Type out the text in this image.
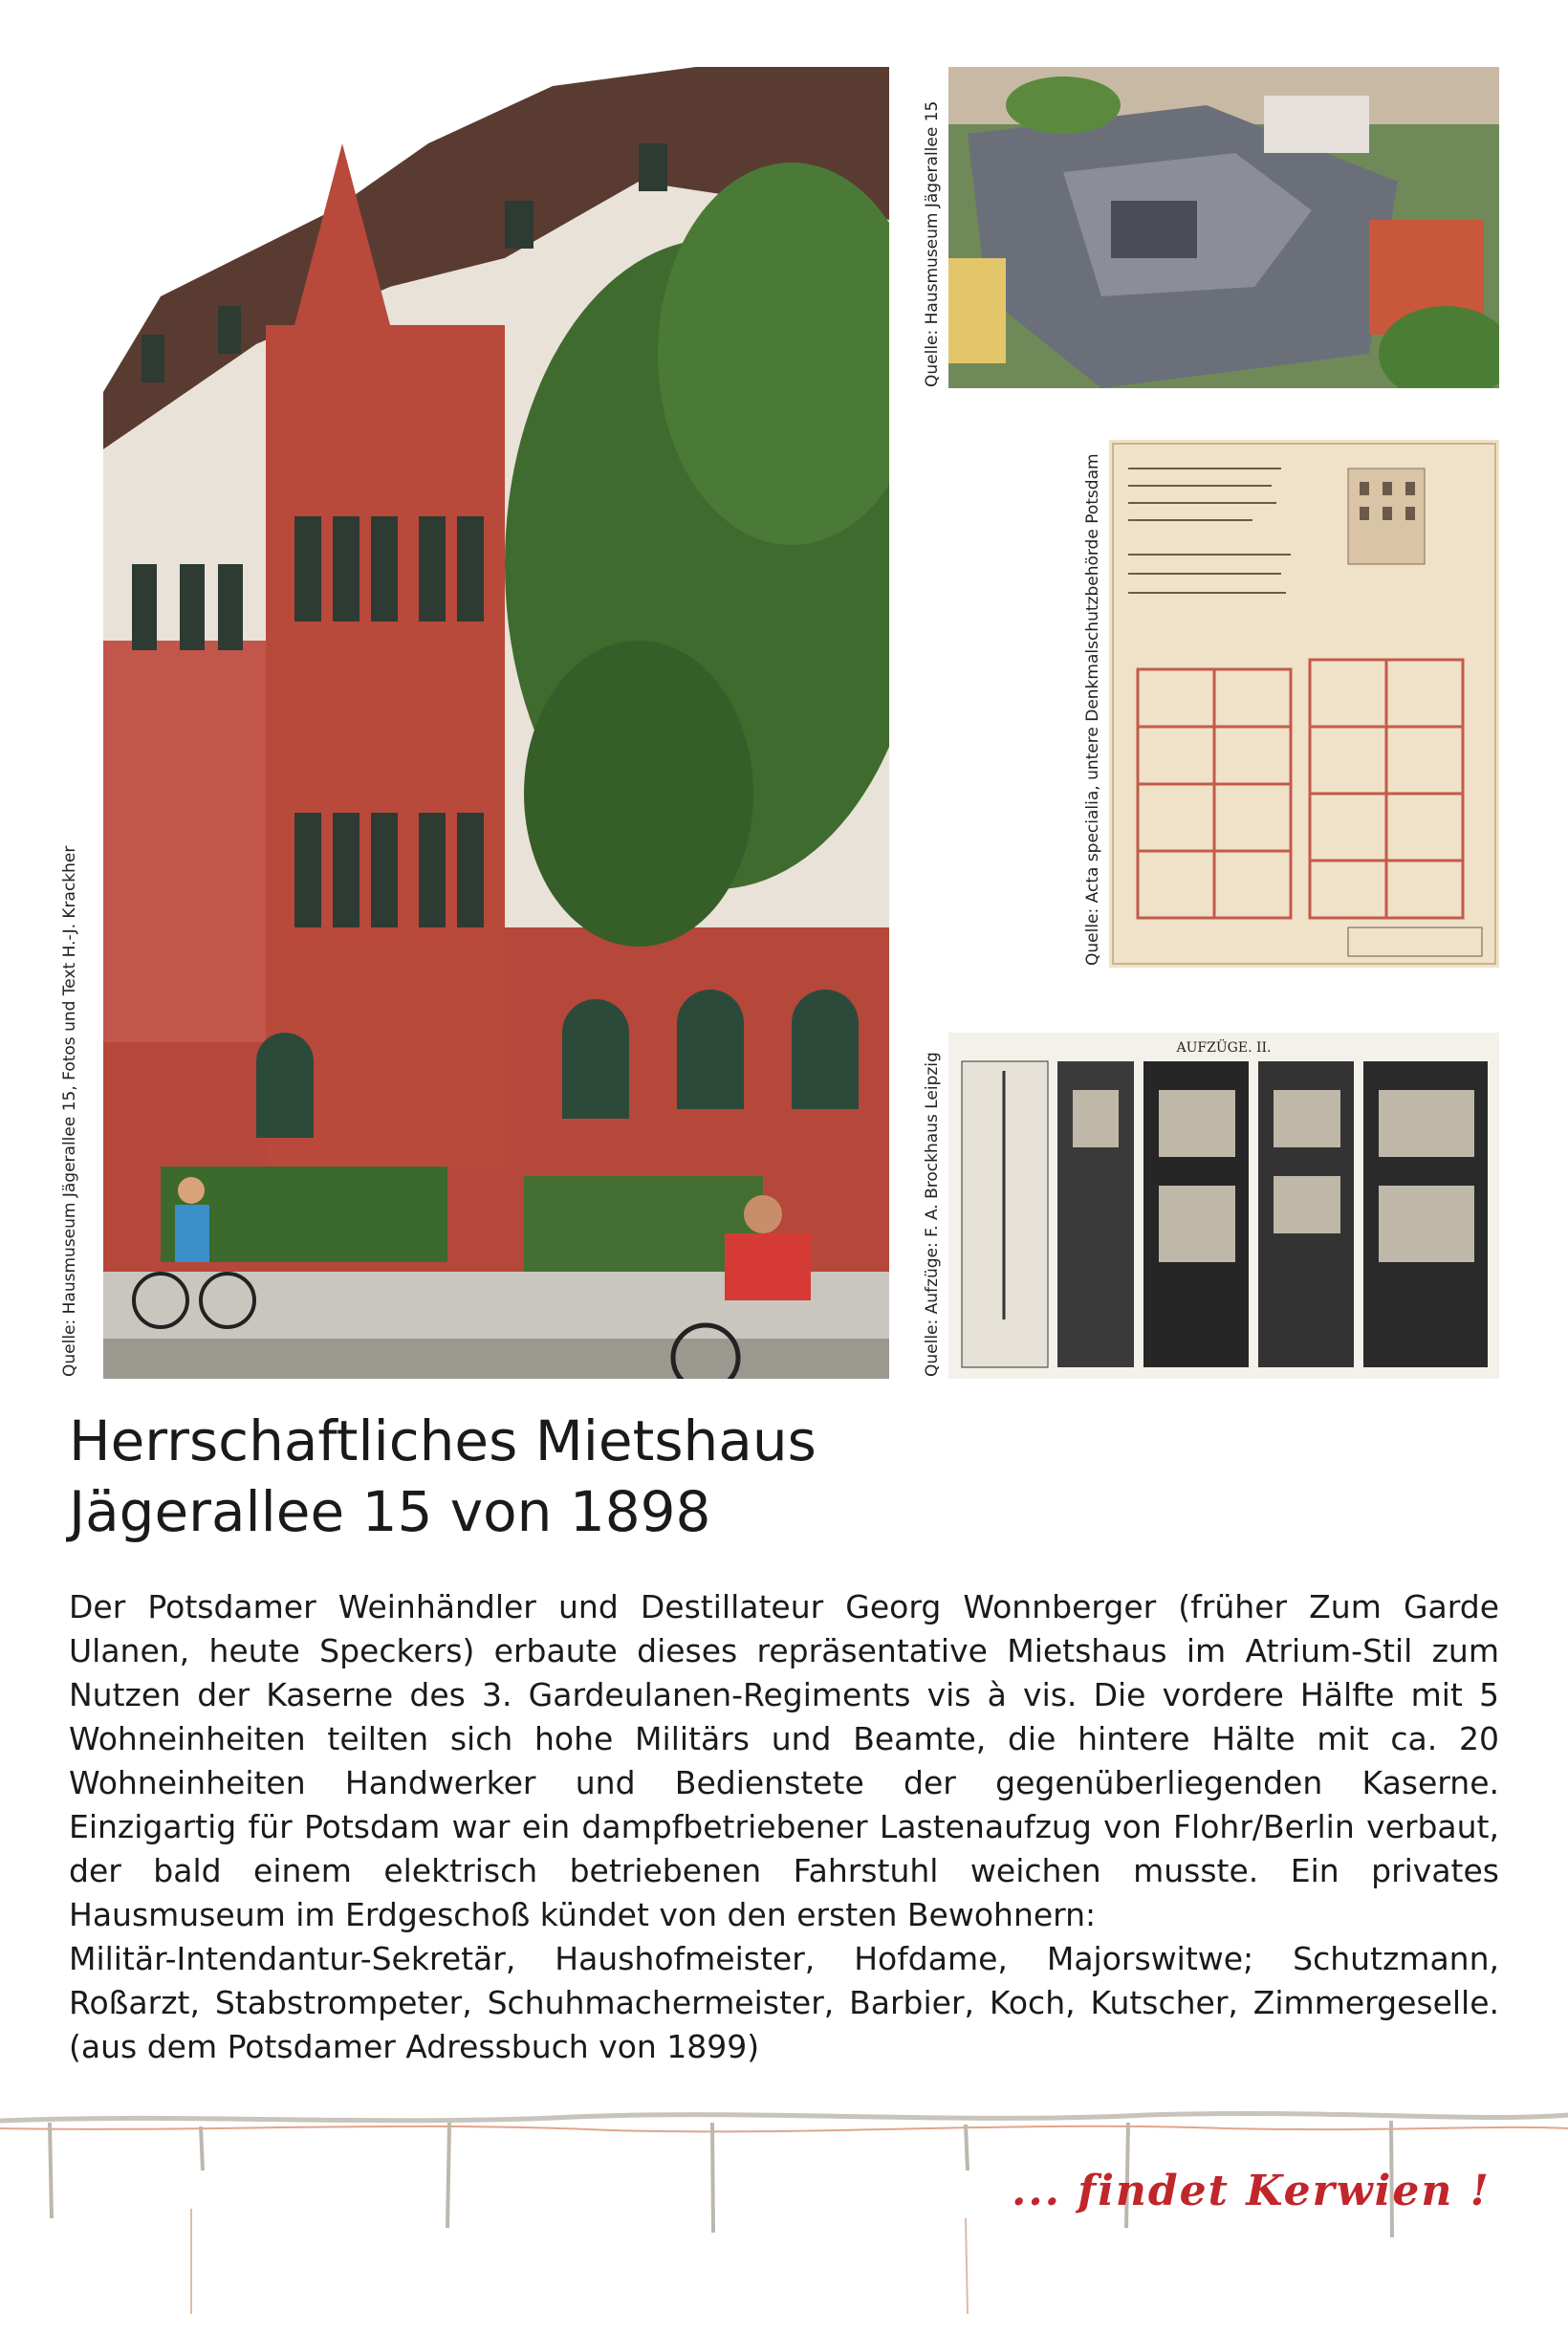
Quelle: Hausmuseum Jägerallee 15, Fotos und Text H.-J. Krackher
Quelle: Hausmuseum Jägerallee 15
Quelle: Acta specialia, untere Denkmalschutzbehörde Potsdam
AUFZÜGE. II.
Quelle: Aufzüge: F. A. Brockhaus Leipzig
Herrschaftliches Mietshaus
Jägerallee 15 von 1898

Der Potsdamer Weinhändler und Destillateur Georg Wonnberger (früher Zum Garde Ulanen, heute Speckers) erbaute dieses repräsentative Mietshaus im Atrium-Stil zum Nutzen der Kaserne des 3. Gardeulanen-Regiments vis à vis. Die vordere Hälfte mit 5 Wohneinheiten teilten sich hohe Militärs und Beamte, die hintere Hälte mit ca. 20 Wohneinheiten Handwerker und Bedienstete der gegenüberliegenden Kaserne. Einzigartig für Potsdam war ein dampfbetriebener Lastenaufzug von Flohr/Berlin verbaut, der bald einem elektrisch betriebenen Fahrstuhl weichen musste. Ein privates Hausmuseum im Erdgeschoß kündet von den ersten Bewohnern:

Militär-Intendantur-Sekretär, Haushofmeister, Hofdame, Majorswitwe; Schutzmann, Roßarzt, Stabstrompeter, Schuhmachermeister, Barbier, Koch, Kutscher, Zimmergeselle. (aus dem Potsdamer Adressbuch von 1899)

... findet Kerwien !
